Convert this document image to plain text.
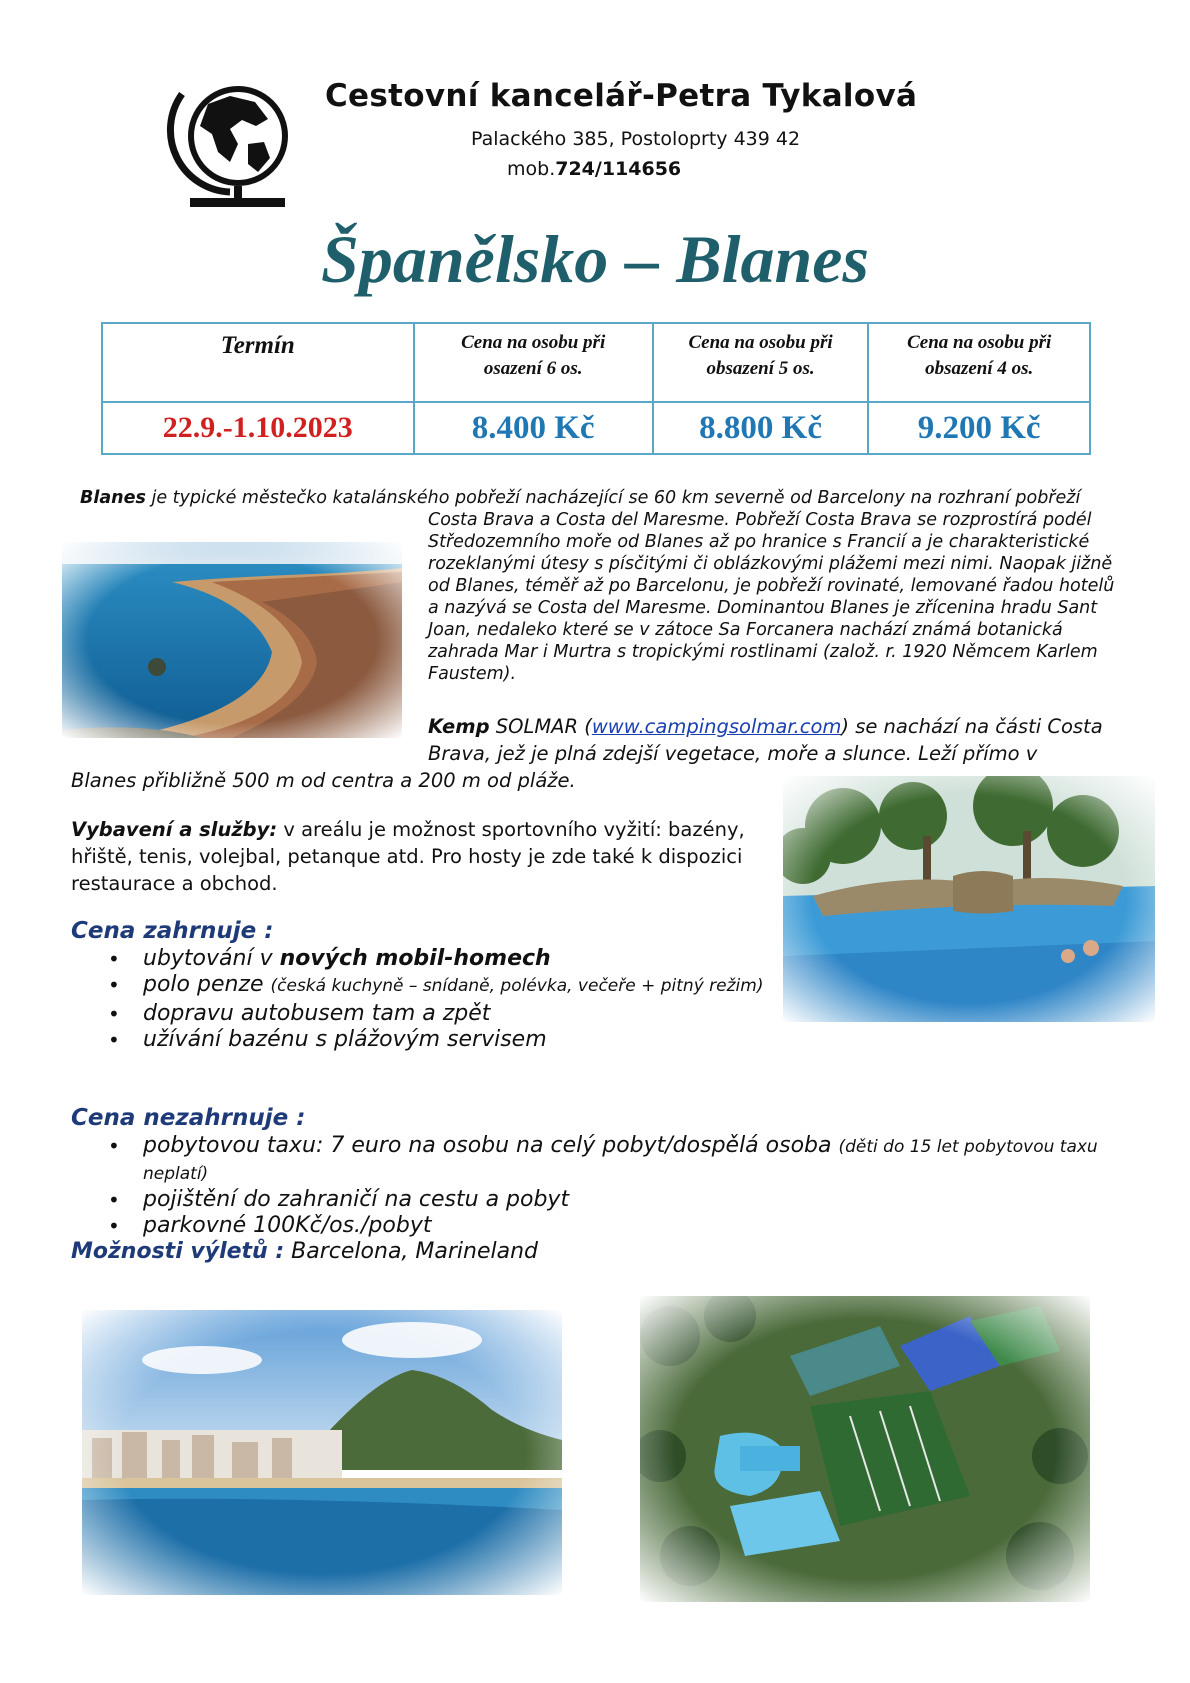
Cestovní kancelář-Petra Tykalová
Palackého 385, Postoloprty 439 42
mob.724/114656
Španělsko – Blanes
Termín	Cena na osobu při osazení 6 os.	Cena na osobu při obsazení 5 os.	Cena na osobu při obsazení 4 os.

22.9.-1.10.2023	8.400 Kč	8.800 Kč	9.200 Kč
Blanes je typické městečko katalánského pobřeží nacházející se 60 km severně od Barcelony na rozhraní pobřeží
Costa Brava a Costa del Maresme. Pobřeží Costa Brava se rozprostírá podél Středozemního moře od Blanes až po hranice s Francií a je charakteristické rozeklanými útesy s písčitými či oblázkovými plážemi mezi nimi. Naopak jižně od Blanes, téměř až po Barcelonu, je pobřeží rovinaté, lemované řadou hotelů a nazývá se Costa del Maresme. Dominantou Blanes je zřícenina hradu Sant Joan, nedaleko které se v zátoce Sa Forcanera nachází známá botanická zahrada Mar i Murtra s tropickými rostlinami (založ. r. 1920 Němcem Karlem Faustem).
Kemp SOLMAR (www.campingsolmar.com) se nachází na části Costa Brava, jež je plná zdejší vegetace, moře a slunce. Leží přímo v
Blanes přibližně 500 m od centra a 200 m od pláže.
Vybavení a služby: v areálu je možnost sportovního vyžití: bazény, hřiště, tenis, volejbal, petanque atd. Pro hosty je zde také k dispozici restaurace a obchod.
Cena zahrnuje :
• ubytování v nových mobil-homech
• polo penze (česká kuchyně – snídaně, polévka, večeře + pitný režim)
• dopravu autobusem tam a zpět
• užívání bazénu s plážovým servisem
Cena nezahrnuje :
• pobytovou taxu: 7 euro na osobu na celý pobyt/dospělá osoba (děti do 15 let pobytovou taxu neplatí)
• pojištění do zahraničí na cestu a pobyt
• parkovné 100Kč/os./pobyt
Možnosti výletů : Barcelona, Marineland
